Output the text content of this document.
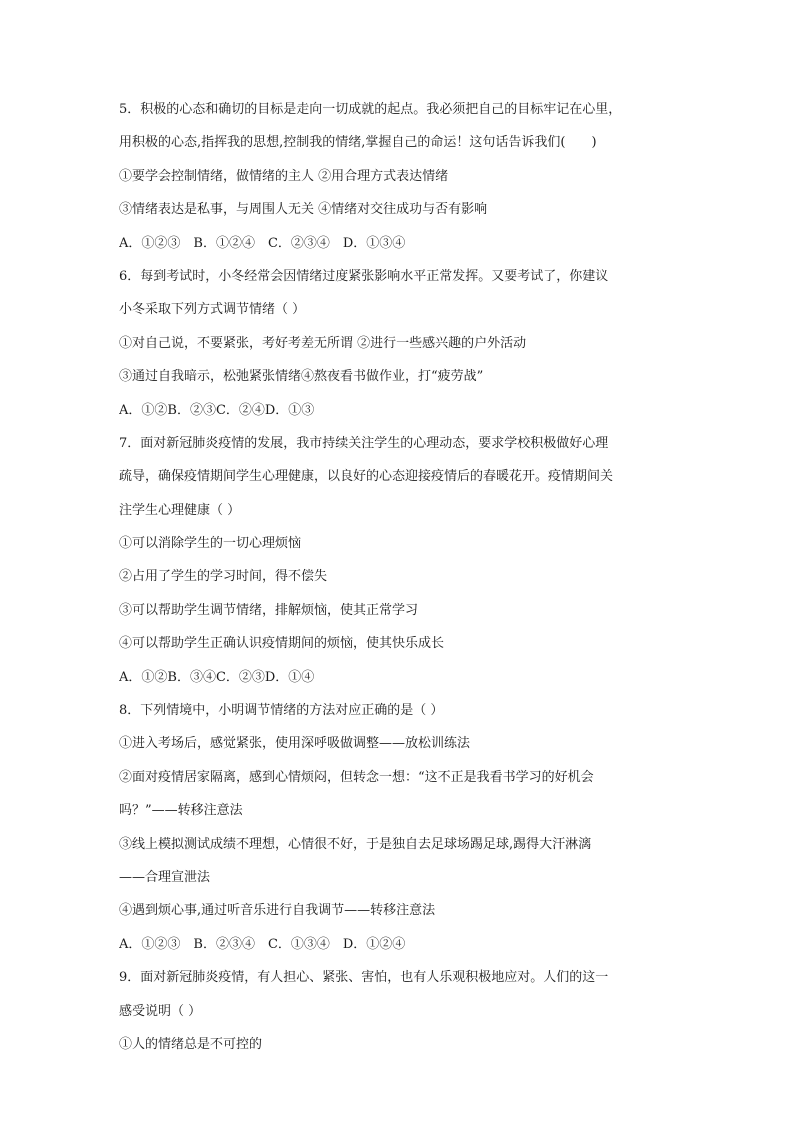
5．积极的心态和确切的目标是走向一切成就的起点。我必须把自己的目标牢记在心里，
用积极的心态,指挥我的思想,控制我的情绪,掌握自己的命运！这句话告诉我们(　　)
①要学会控制情绪，做情绪的主人 ②用合理方式表达情绪
③情绪表达是私事，与周围人无关 ④情绪对交往成功与否有影响
A．①②③　B．①②④　C．②③④　D．①③④
6．每到考试时，小冬经常会因情绪过度紧张影响水平正常发挥。又要考试了，你建议
小冬采取下列方式调节情绪（ ）
①对自己说，不要紧张，考好考差无所谓 ②进行一些感兴趣的户外活动
③通过自我暗示，松弛紧张情绪④熬夜看书做作业，打“疲劳战”
A．①②B．②③C．②④D．①③
7．面对新冠肺炎疫情的发展，我市持续关注学生的心理动态，要求学校积极做好心理
疏导，确保疫情期间学生心理健康，以良好的心态迎接疫情后的春暖花开。疫情期间关
注学生心理健康（ ）
①可以消除学生的一切心理烦恼
②占用了学生的学习时间，得不偿失
③可以帮助学生调节情绪，排解烦恼，使其正常学习
④可以帮助学生正确认识疫情期间的烦恼，使其快乐成长
A．①②B．③④C．②③D．①④
8．下列情境中，小明调节情绪的方法对应正确的是（ ）
①进入考场后，感觉紧张，使用深呼吸做调整——放松训练法
②面对疫情居家隔离，感到心情烦闷，但转念一想：“这不正是我看书学习的好机会
吗？”——转移注意法
③线上模拟测试成绩不理想，心情很不好，于是独自去足球场踢足球,踢得大汗淋漓
——合理宣泄法
④遇到烦心事,通过听音乐进行自我调节——转移注意法
A．①②③　B．②③④　C．①③④　D．①②④
9．面对新冠肺炎疫情，有人担心、紧张、害怕，也有人乐观积极地应对。人们的这一
感受说明（ ）
①人的情绪总是不可控的
